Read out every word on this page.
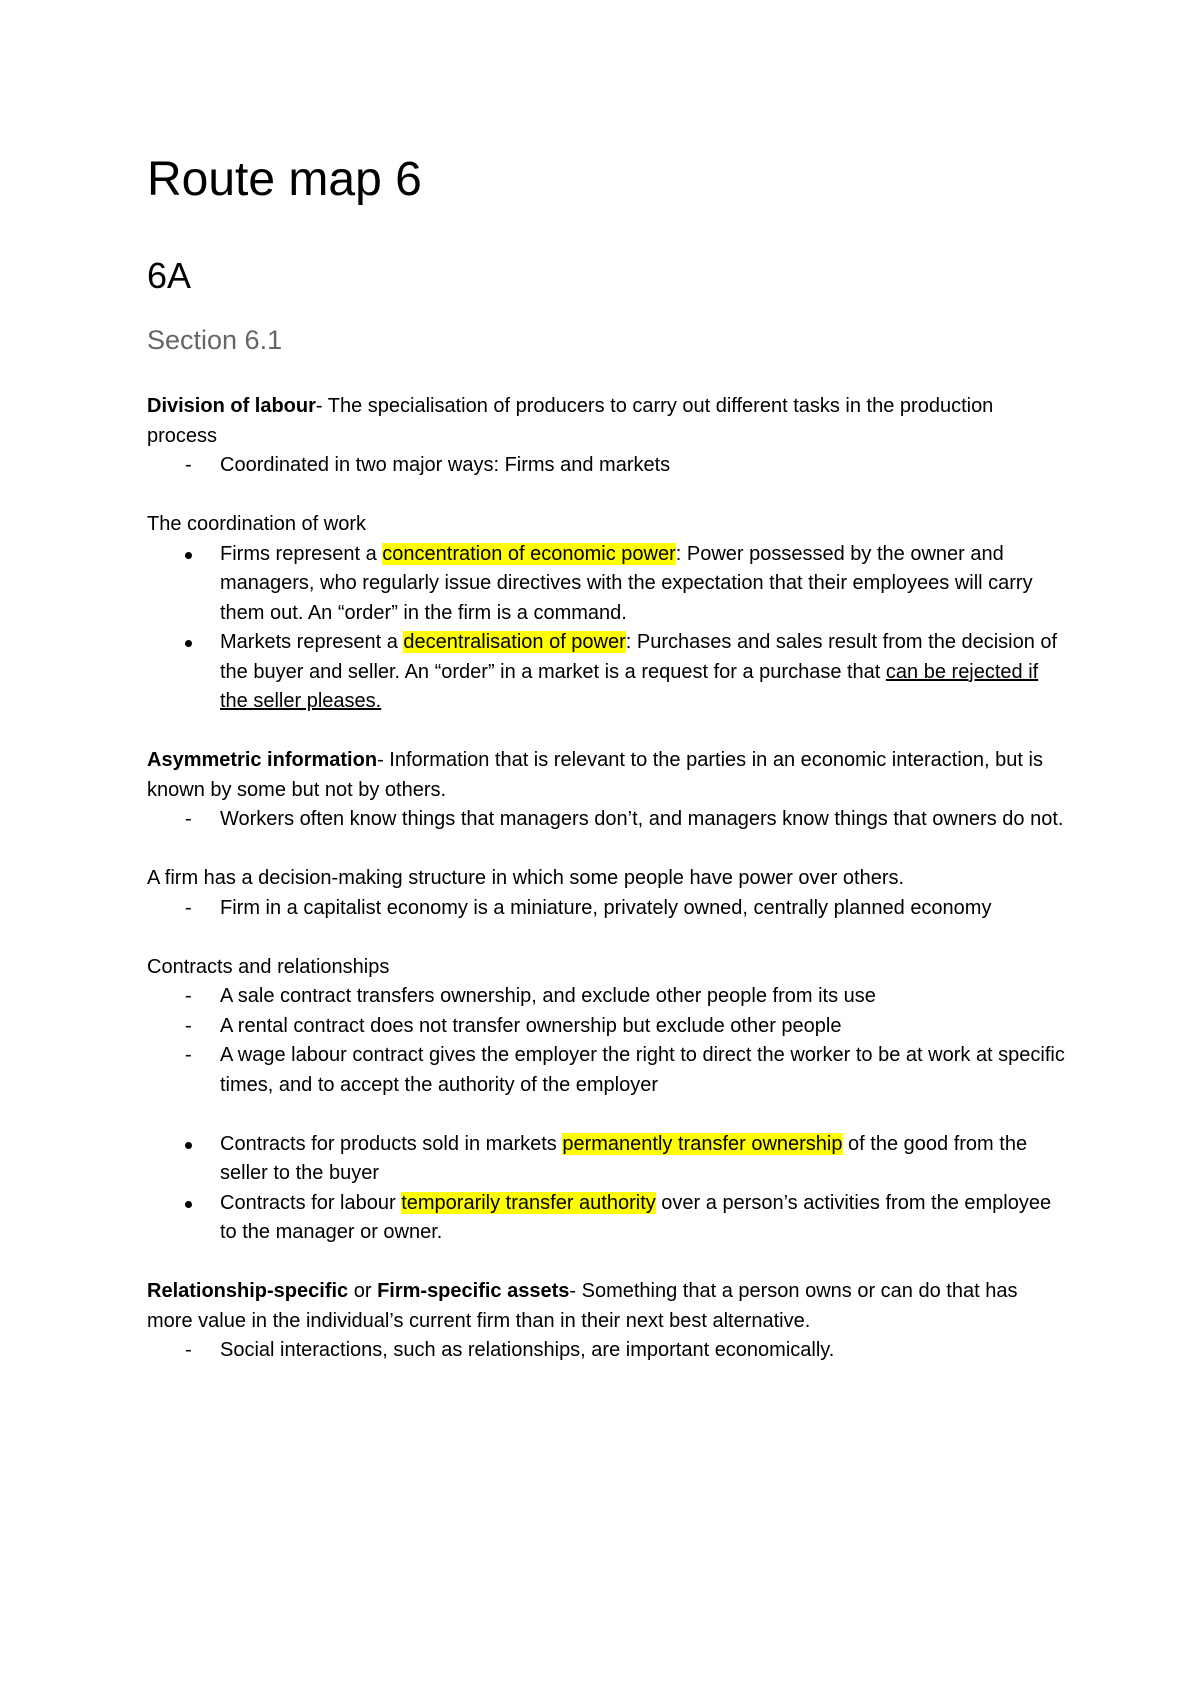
Route map 6
6A
Section 6.1

Division of labour- The specialisation of producers to carry out different tasks in the production process

- Coordinated in two major ways: Firms and markets

The coordination of work

Firms represent a concentration of economic power: Power possessed by the owner and managers, who regularly issue directives with the expectation that their employees will carry them out. An “order” in the firm is a command.
Markets represent a decentralisation of power: Purchases and sales result from the decision of the buyer and seller. An “order” in a market is a request for a purchase that can be rejected if the seller pleases.

Asymmetric information- Information that is relevant to the parties in an economic interaction, but is known by some but not by others.

- Workers often know things that managers don’t, and managers know things that owners do not.

A firm has a decision-making structure in which some people have power over others.

- Firm in a capitalist economy is a miniature, privately owned, centrally planned economy

Contracts and relationships

- A sale contract transfers ownership, and exclude other people from its use
- A rental contract does not transfer ownership but exclude other people
- A wage labour contract gives the employer the right to direct the worker to be at work at specific times, and to accept the authority of the employer
Contracts for products sold in markets permanently transfer ownership of the good from the seller to the buyer
Contracts for labour temporarily transfer authority over a person’s activities from the employee to the manager or owner.

Relationship-specific or Firm-specific assets- Something that a person owns or can do that has more value in the individual’s current firm than in their next best alternative.

- Social interactions, such as relationships, are important economically.
